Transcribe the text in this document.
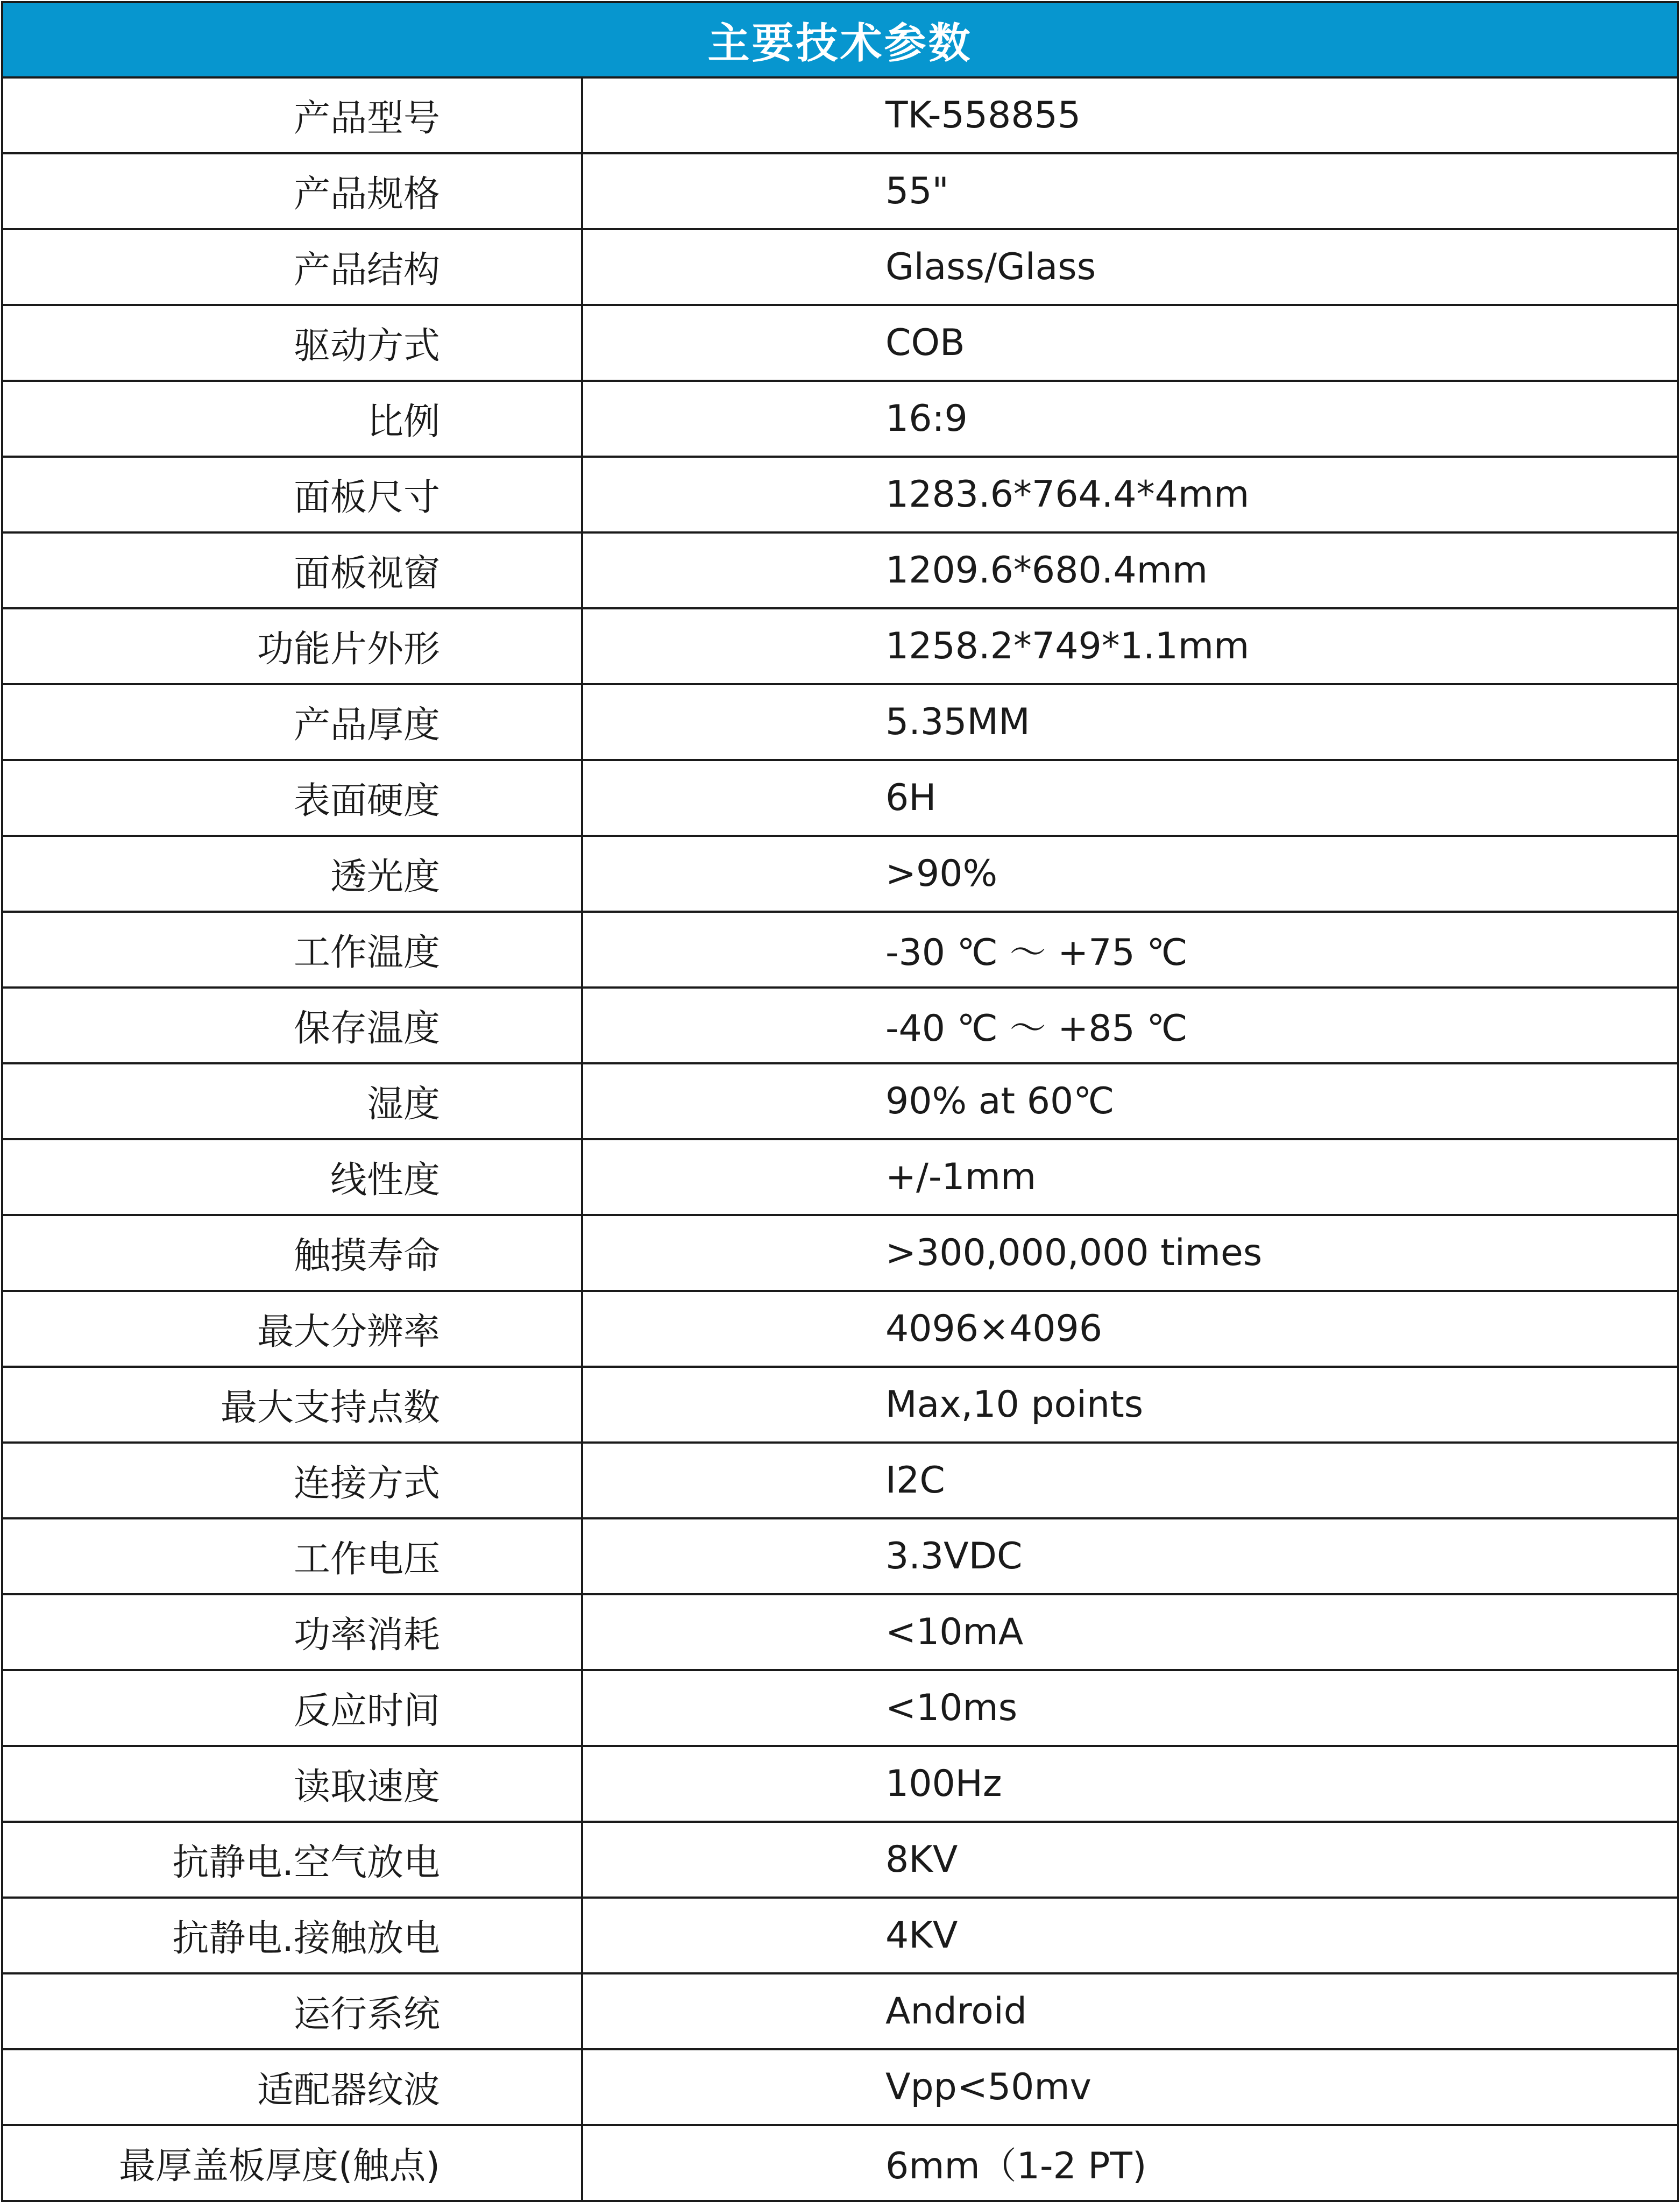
主要技术参数	
产品型号	TK-558855
产品规格	55"
产品结构	Glass/Glass
驱动方式	COB
比例	16:9
面板尺寸	1283.6*764.4*4mm
面板视窗	1209.6*680.4mm
功能片外形	1258.2*749*1.1mm
产品厚度	5.35MM
表面硬度	6H
透光度	>90%
工作温度	-30 ℃ ～ +75 ℃
保存温度	-40 ℃ ～ +85 ℃
湿度	90% at 60℃
线性度	+/-1mm
触摸寿命	>300,000,000 times
最大分辨率	4096×4096
最大支持点数	Max,10 points
连接方式	I2C
工作电压	3.3VDC
功率消耗	<10mA
反应时间	<10ms
读取速度	100Hz
抗静电.空气放电	8KV
抗静电.接触放电	4KV
运行系统	Android
适配器纹波	Vpp<50mv
最厚盖板厚度(触点)	6mm（1-2 PT)
